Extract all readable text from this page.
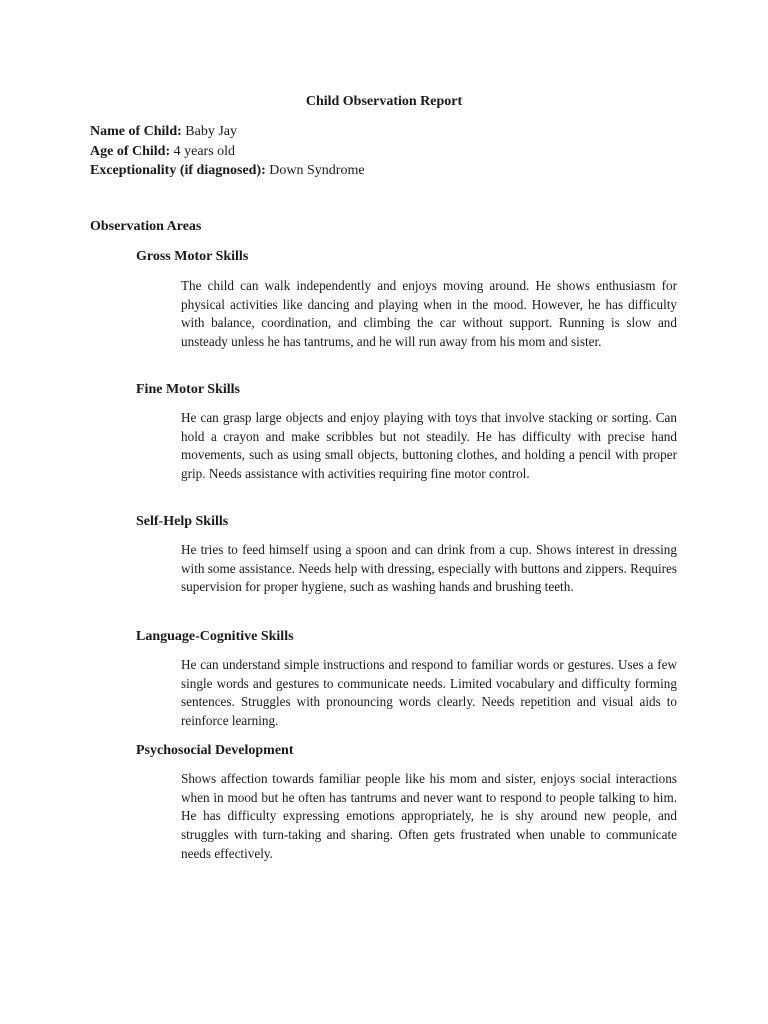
Child Observation Report
Name of Child: Baby Jay
Age of Child: 4 years old
Exceptionality (if diagnosed): Down Syndrome
Observation Areas
Gross Motor Skills
The child can walk independently and enjoys moving around. He shows enthusiasm for physical activities like dancing and playing when in the mood. However, he has difficulty with balance, coordination, and climbing the car without support. Running is slow and unsteady unless he has tantrums, and he will run away from his mom and sister.
Fine Motor Skills
He can grasp large objects and enjoy playing with toys that involve stacking or sorting. Can hold a crayon and make scribbles but not steadily. He has difficulty with precise hand movements, such as using small objects, buttoning clothes, and holding a pencil with proper grip. Needs assistance with activities requiring fine motor control.
Self-Help Skills
He tries to feed himself using a spoon and can drink from a cup. Shows interest in dressing with some assistance. Needs help with dressing, especially with buttons and zippers. Requires supervision for proper hygiene, such as washing hands and brushing teeth.
Language-Cognitive Skills
He can understand simple instructions and respond to familiar words or gestures. Uses a few single words and gestures to communicate needs. Limited vocabulary and difficulty forming sentences. Struggles with pronouncing words clearly. Needs repetition and visual aids to reinforce learning.
Psychosocial Development
Shows affection towards familiar people like his mom and sister, enjoys social interactions when in mood but he often has tantrums and never want to respond to people talking to him. He has difficulty expressing emotions appropriately, he is shy around new people, and struggles with turn-taking and sharing. Often gets frustrated when unable to communicate needs effectively.
